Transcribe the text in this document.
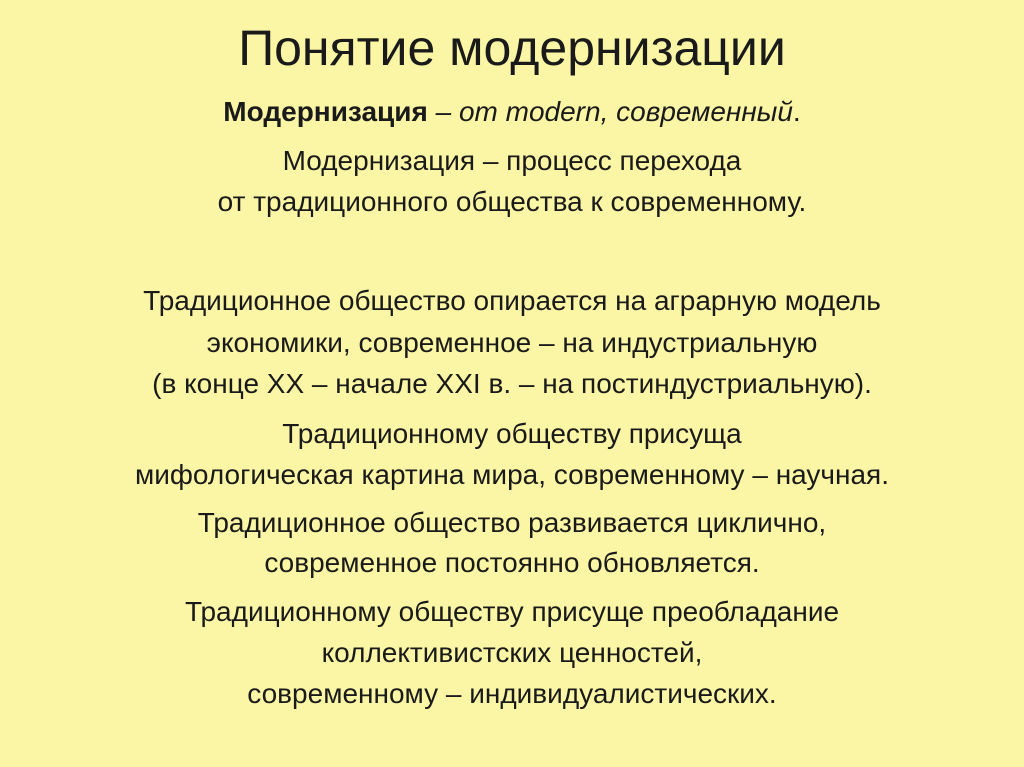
Понятие модернизации

Модернизация – от modern, современный.

Модернизация – процесс перехода

от традиционного общества к современному.

Традиционное общество опирается на аграрную модель

экономики, современное – на индустриальную

(в конце XX – начале XXI в. – на постиндустриальную).

Традиционному обществу присуща

мифологическая картина мира, современному – научная.

Традиционное общество развивается циклично,

современное постоянно обновляется.

Традиционному обществу присуще преобладание

коллективистских ценностей,

современному – индивидуалистических.
